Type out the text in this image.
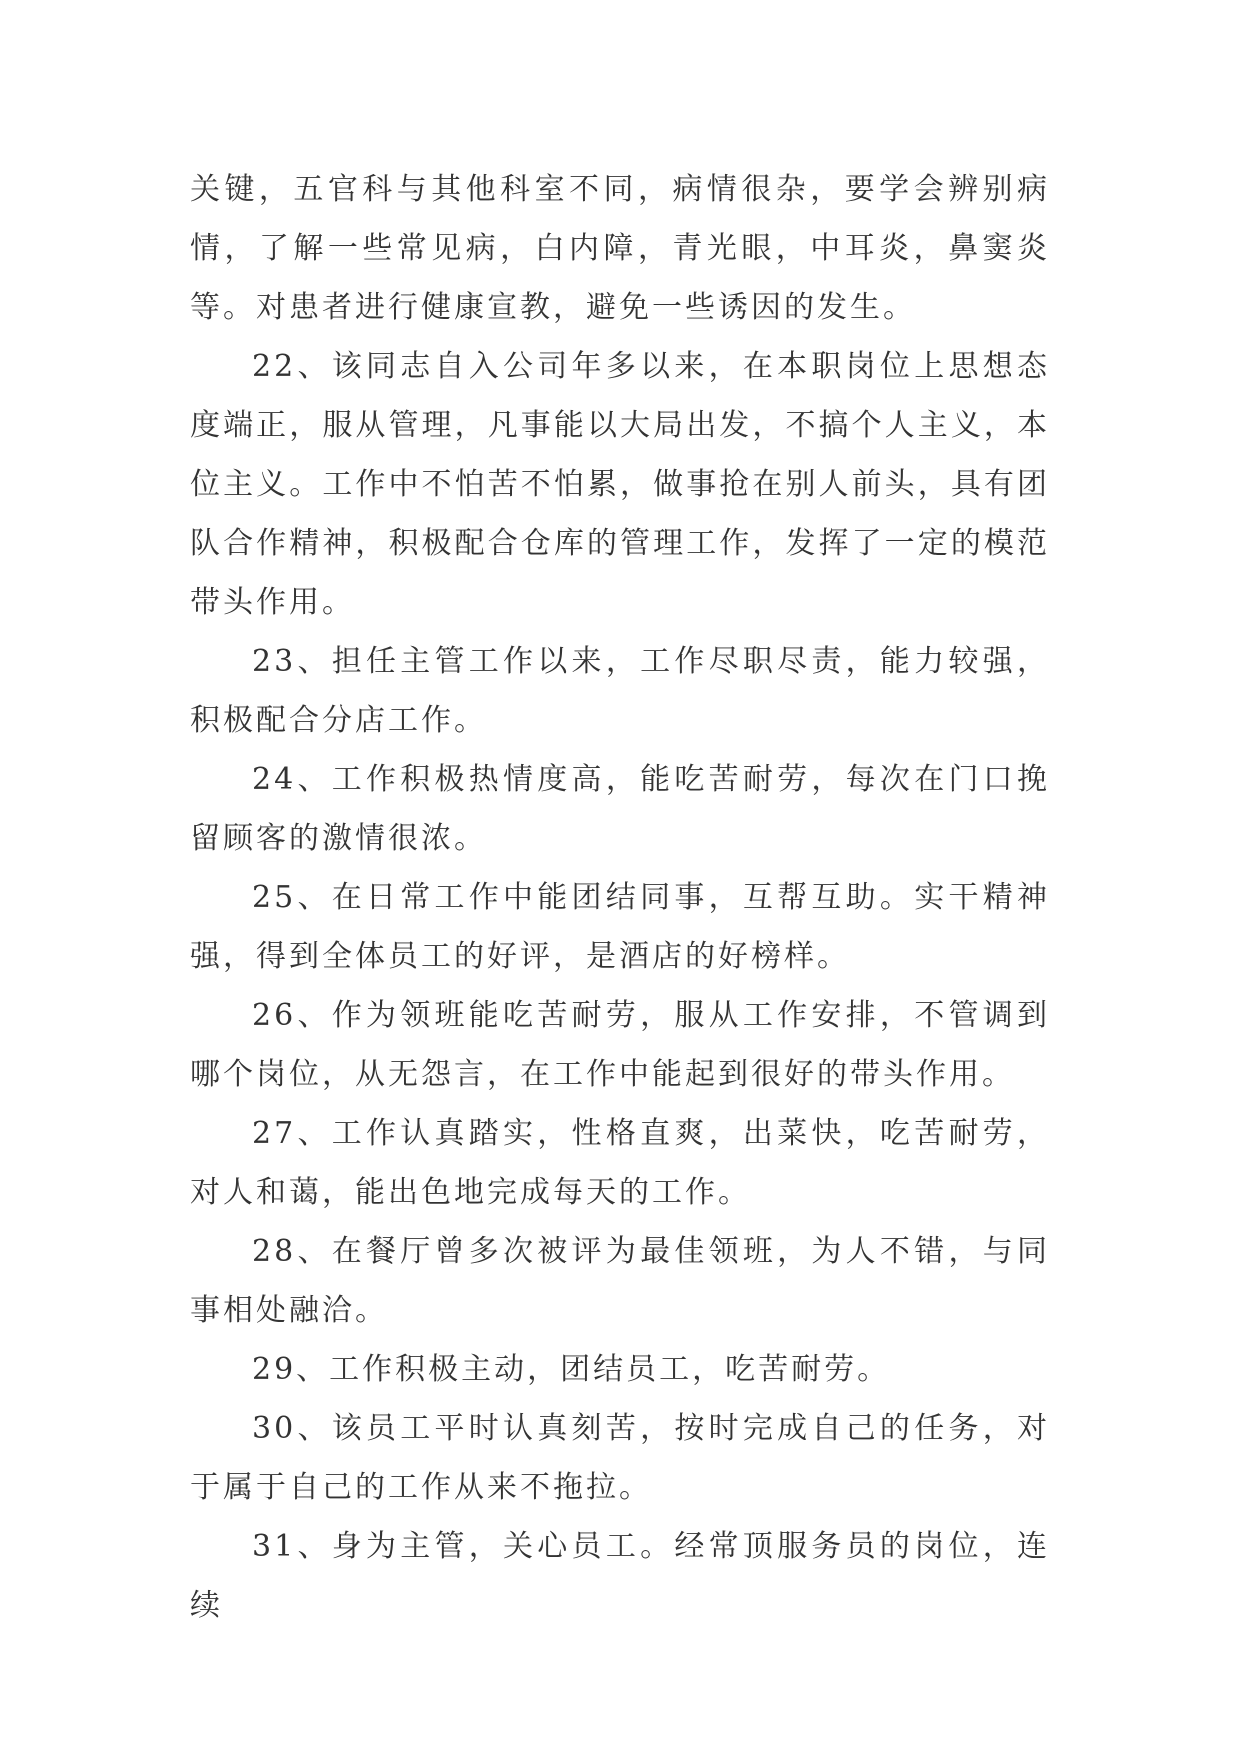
关键，五官科与其他科室不同，病情很杂，要学会辨别病情，了解一些常见病，白内障，青光眼，中耳炎，鼻窦炎等。对患者进行健康宣教，避免一些诱因的发生。

22、该同志自入公司年多以来，在本职岗位上思想态度端正，服从管理，凡事能以大局出发，不搞个人主义，本位主义。工作中不怕苦不怕累，做事抢在别人前头，具有团队合作精神，积极配合仓库的管理工作，发挥了一定的模范带头作用。

23、担任主管工作以来，工作尽职尽责，能力较强，积极配合分店工作。

24、工作积极热情度高，能吃苦耐劳，每次在门口挽留顾客的激情很浓。

25、在日常工作中能团结同事，互帮互助。实干精神强，得到全体员工的好评，是酒店的好榜样。

26、作为领班能吃苦耐劳，服从工作安排，不管调到哪个岗位，从无怨言，在工作中能起到很好的带头作用。

27、工作认真踏实，性格直爽，出菜快，吃苦耐劳，对人和蔼，能出色地完成每天的工作。

28、在餐厅曾多次被评为最佳领班，为人不错，与同事相处融洽。

29、工作积极主动，团结员工，吃苦耐劳。

30、该员工平时认真刻苦，按时完成自己的任务，对于属于自己的工作从来不拖拉。

31、身为主管，关心员工。经常顶服务员的岗位，连续
